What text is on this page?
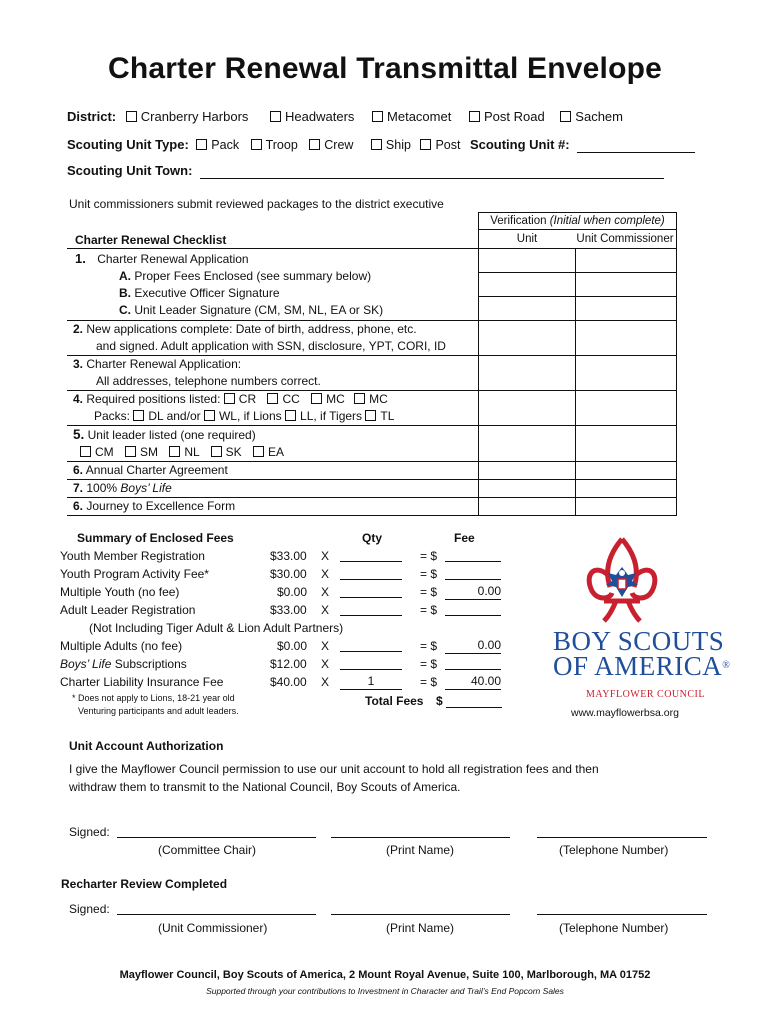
Charter Renewal Transmittal Envelope
District: Cranberry Harbors	Headwaters	Metacomet	Post Road Sachem
Scouting Unit Type: Pack Troop Crew	Ship Post Scouting Unit #:
Scouting Unit Town:
Unit commissioners submit reviewed packages to the district executive
Charter Renewal Checklist	Verification (Initial when complete)
Unit Unit Commissioner	

1. Charter Renewal Application
A. Proper Fees Enclosed (see summary below)
B. Executive Officer Signature
C. Unit Leader Signature (CM, SM, NL, EA or SK)		

2. New applications complete: Date of birth, address, phone, etc.
and signed. Adult application with SSN, disclosure, YPT, CORI, ID		

3. Charter Renewal Application:
All addresses, telephone numbers correct.		

4. Required positions listed: CR CC MC MC
Packs: DL and/or WL, if Lions LL, if Tigers TL		

5. Unit leader listed (one required)
CM SM NL SK EA		

6. Annual Charter Agreement		
7. 100% Boys’ Life		
6. Journey to Excellence Form		
Summary of Enclosed Fees	Qty	Fee
Youth Member Registration	$33.00 X	= $
Youth Program Activity Fee*	$30.00 X	= $
Multiple Youth (no fee)	$0.00 X	= $	0.00
Adult Leader Registration	$33.00 X	= $
(Not Including Tiger Adult & Lion Adult Partners)
Multiple Adults (no fee)	$0.00 X	= $	0.00
Boys’ Life Subscriptions	$12.00 X	= $
Charter Liability Insurance Fee	$40.00 X	1	= $	40.00
* Does not apply to Lions, 18-21 year old
Venturing participants and adult leaders.
Total Fees $
BOY SCOUTS
OF AMERICA®
MAYFLOWER COUNCIL
www.mayflowerbsa.org
Unit Account Authorization
I give the Mayflower Council permission to use our unit account to hold all registration fees and then
withdraw them to transmit to the National Council, Boy Scouts of America.
Signed:
(Committee Chair)	(Print Name)	(Telephone Number)
Recharter Review Completed
Signed:
(Unit Commissioner)	(Print Name)	(Telephone Number)
Mayflower Council, Boy Scouts of America, 2 Mount Royal Avenue, Suite 100, Marlborough, MA 01752
Supported through your contributions to Investment in Character and Trail’s End Popcorn Sales
